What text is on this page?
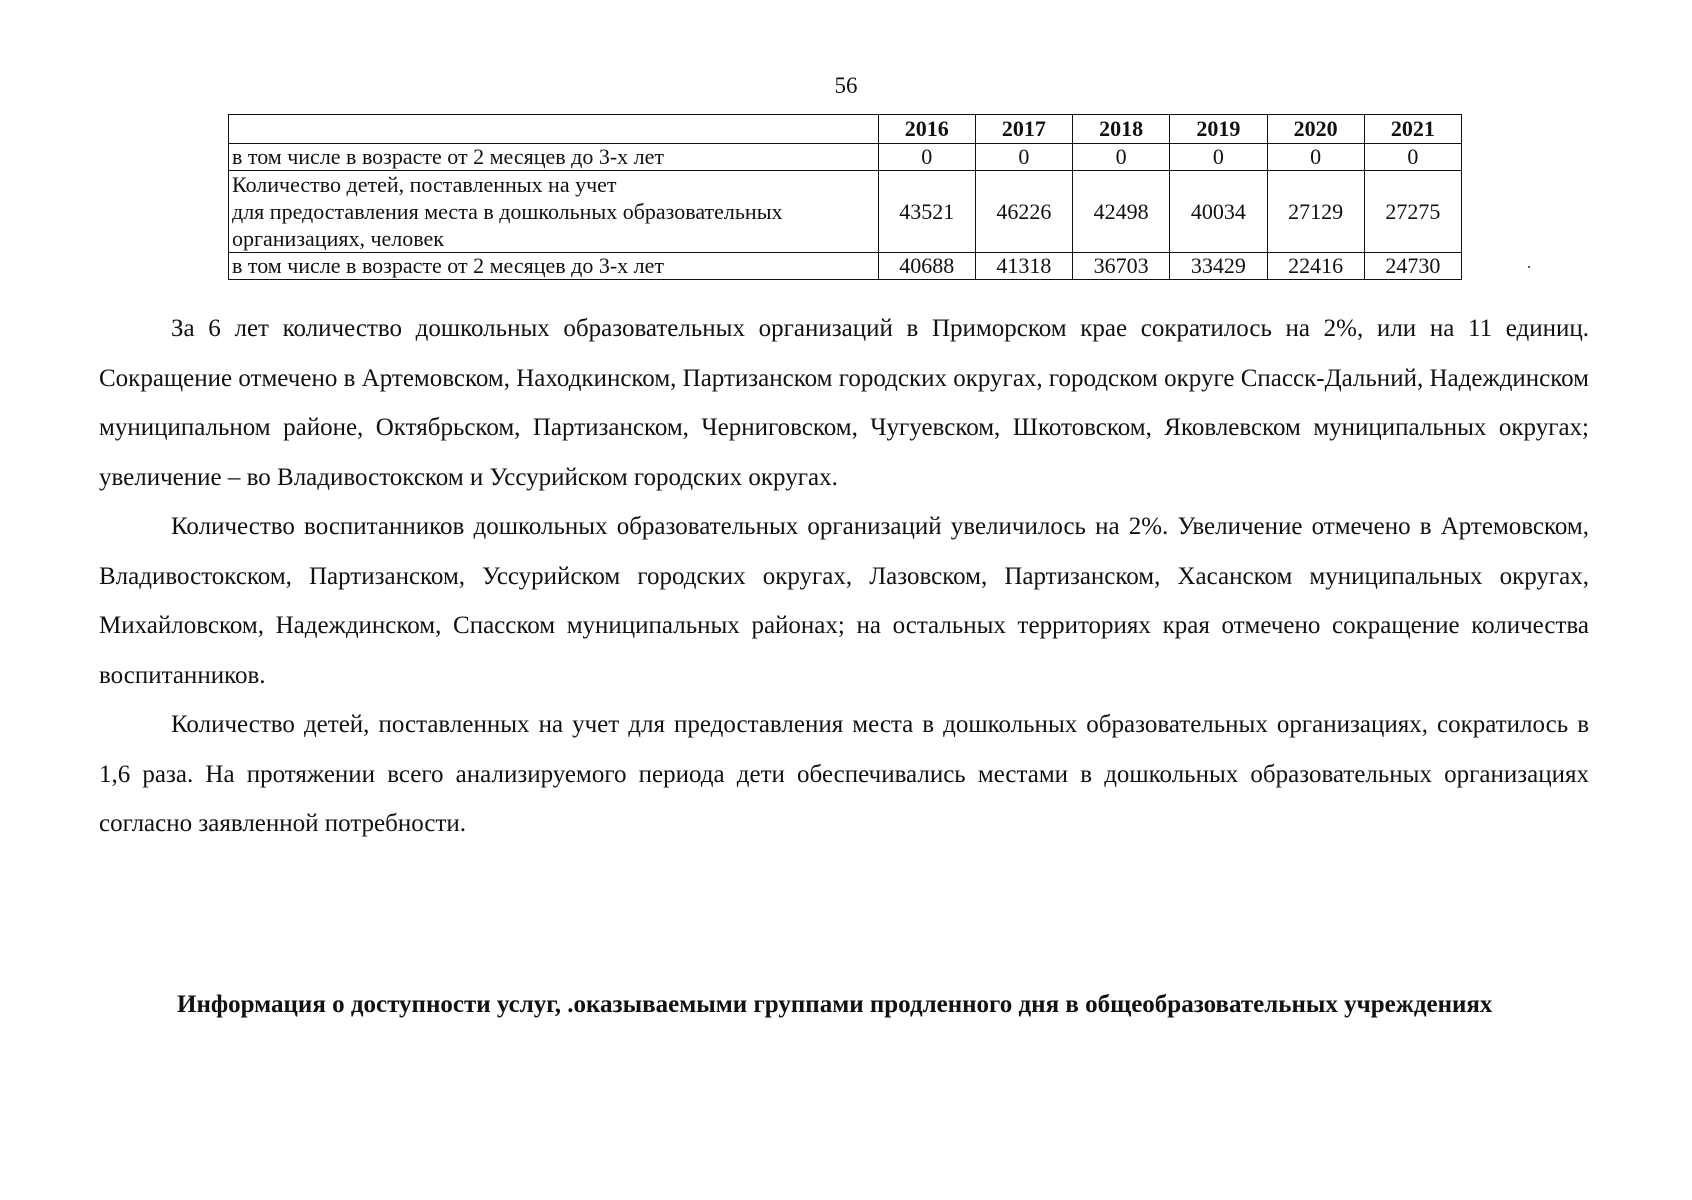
56
	2016	2017	2018	2019	2020	2021
в том числе в возрасте от 2 месяцев до 3-х лет	0	0	0	0	0	0

Количество детей, поставленных на учет
для предоставления места в дошкольных образовательных
организациях, человек	43521	46226	42498	40034	27129	27275
в том числе в возрасте от 2 месяцев до 3-х лет	40688	41318	36703	33429	22416	24730

За 6 лет количество дошкольных образовательных организаций в Приморском крае сократилось на 2%, или на 11 единиц. Сокращение отмечено в Артемовском, Находкинском, Партизанском городских округах, городском округе Спасск-Дальний, Надеждинском муниципальном районе, Октябрьском, Партизанском, Черниговском, Чугуевском, Шкотовском, Яковлевском муниципальных округах; увеличение – во Владивостокском и Уссурийском городских округах.

Количество воспитанников дошкольных образовательных организаций увеличилось на 2%. Увеличение отмечено в Артемовском, Владивостокском, Партизанском, Уссурийском городских округах, Лазовском, Партизанском, Хасанском муниципальных округах, Михайловском, Надеждинском, Спасском муниципальных районах; на остальных территориях края отмечено сокращение количества воспитанников.

Количество детей, поставленных на учет для предоставления места в дошкольных образовательных организациях, сократилось в 1,6 раза. На протяжении всего анализируемого периода дети обеспечивались местами в дошкольных образовательных организациях согласно заявленной потребности.

Информация о доступности услуг, .оказываемыми группами продленного дня в общеобразовательных учреждениях
